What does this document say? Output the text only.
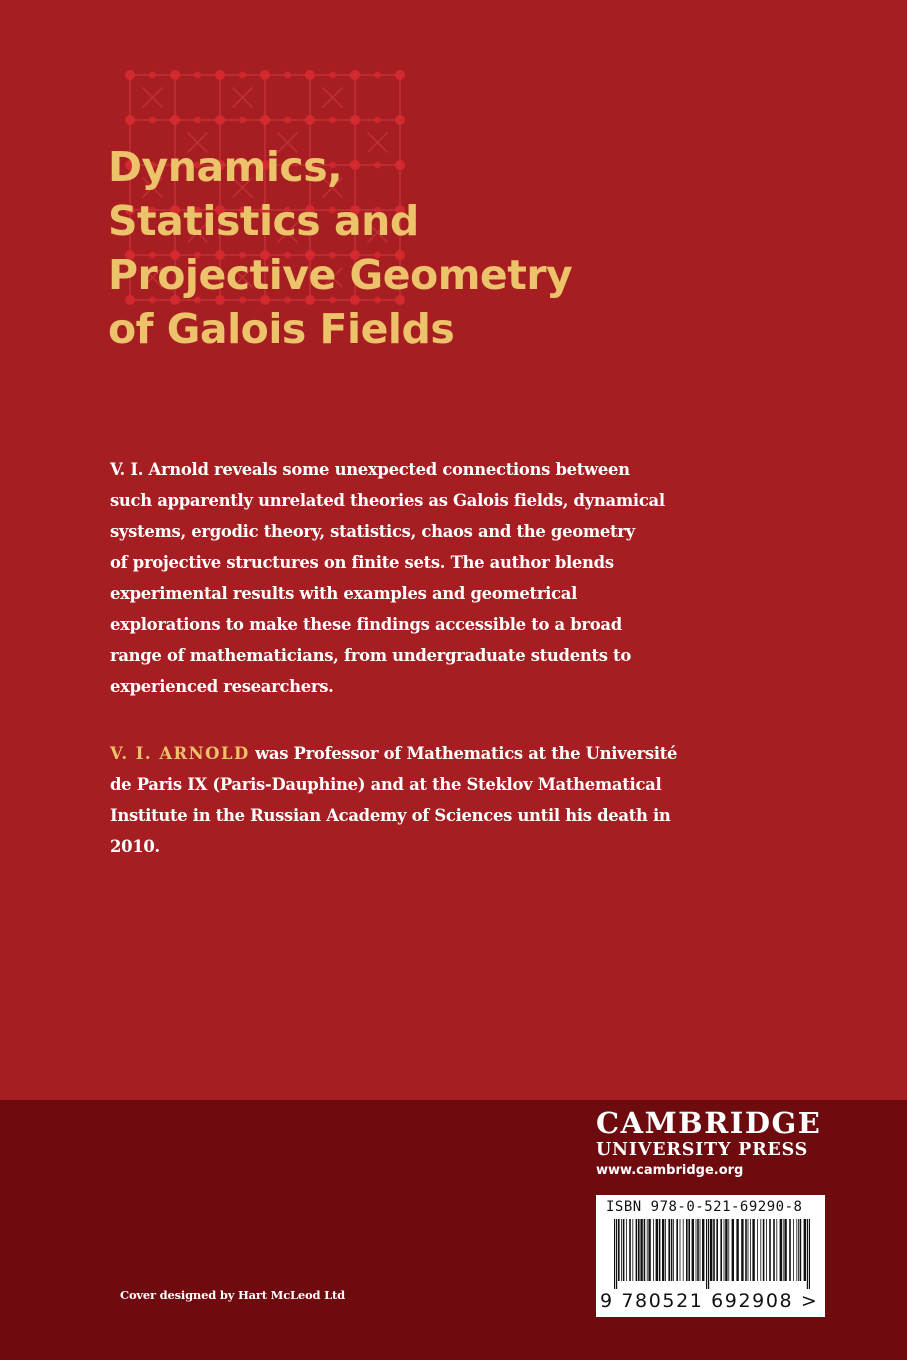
Dynamics,
Statistics and
Projective Geometry
of Galois Fields
V. I. Arnold reveals some unexpected connections between
such apparently unrelated theories as Galois fields, dynamical
systems, ergodic theory, statistics, chaos and the geometry
of projective structures on finite sets. The author blends
experimental results with examples and geometrical
explorations to make these findings accessible to a broad
range of mathematicians, from undergraduate students to
experienced researchers.
V. I. ARNOLD was Professor of Mathematics at the Université
de Paris IX (Paris-Dauphine) and at the Steklov Mathematical
Institute in the Russian Academy of Sciences until his death in
2010.
CAMBRIDGE
UNIVERSITY PRESS
www.cambridge.org
ISBN 978-0-521-69290-8
9 780521 692908 >
Cover designed by Hart McLeod Ltd
